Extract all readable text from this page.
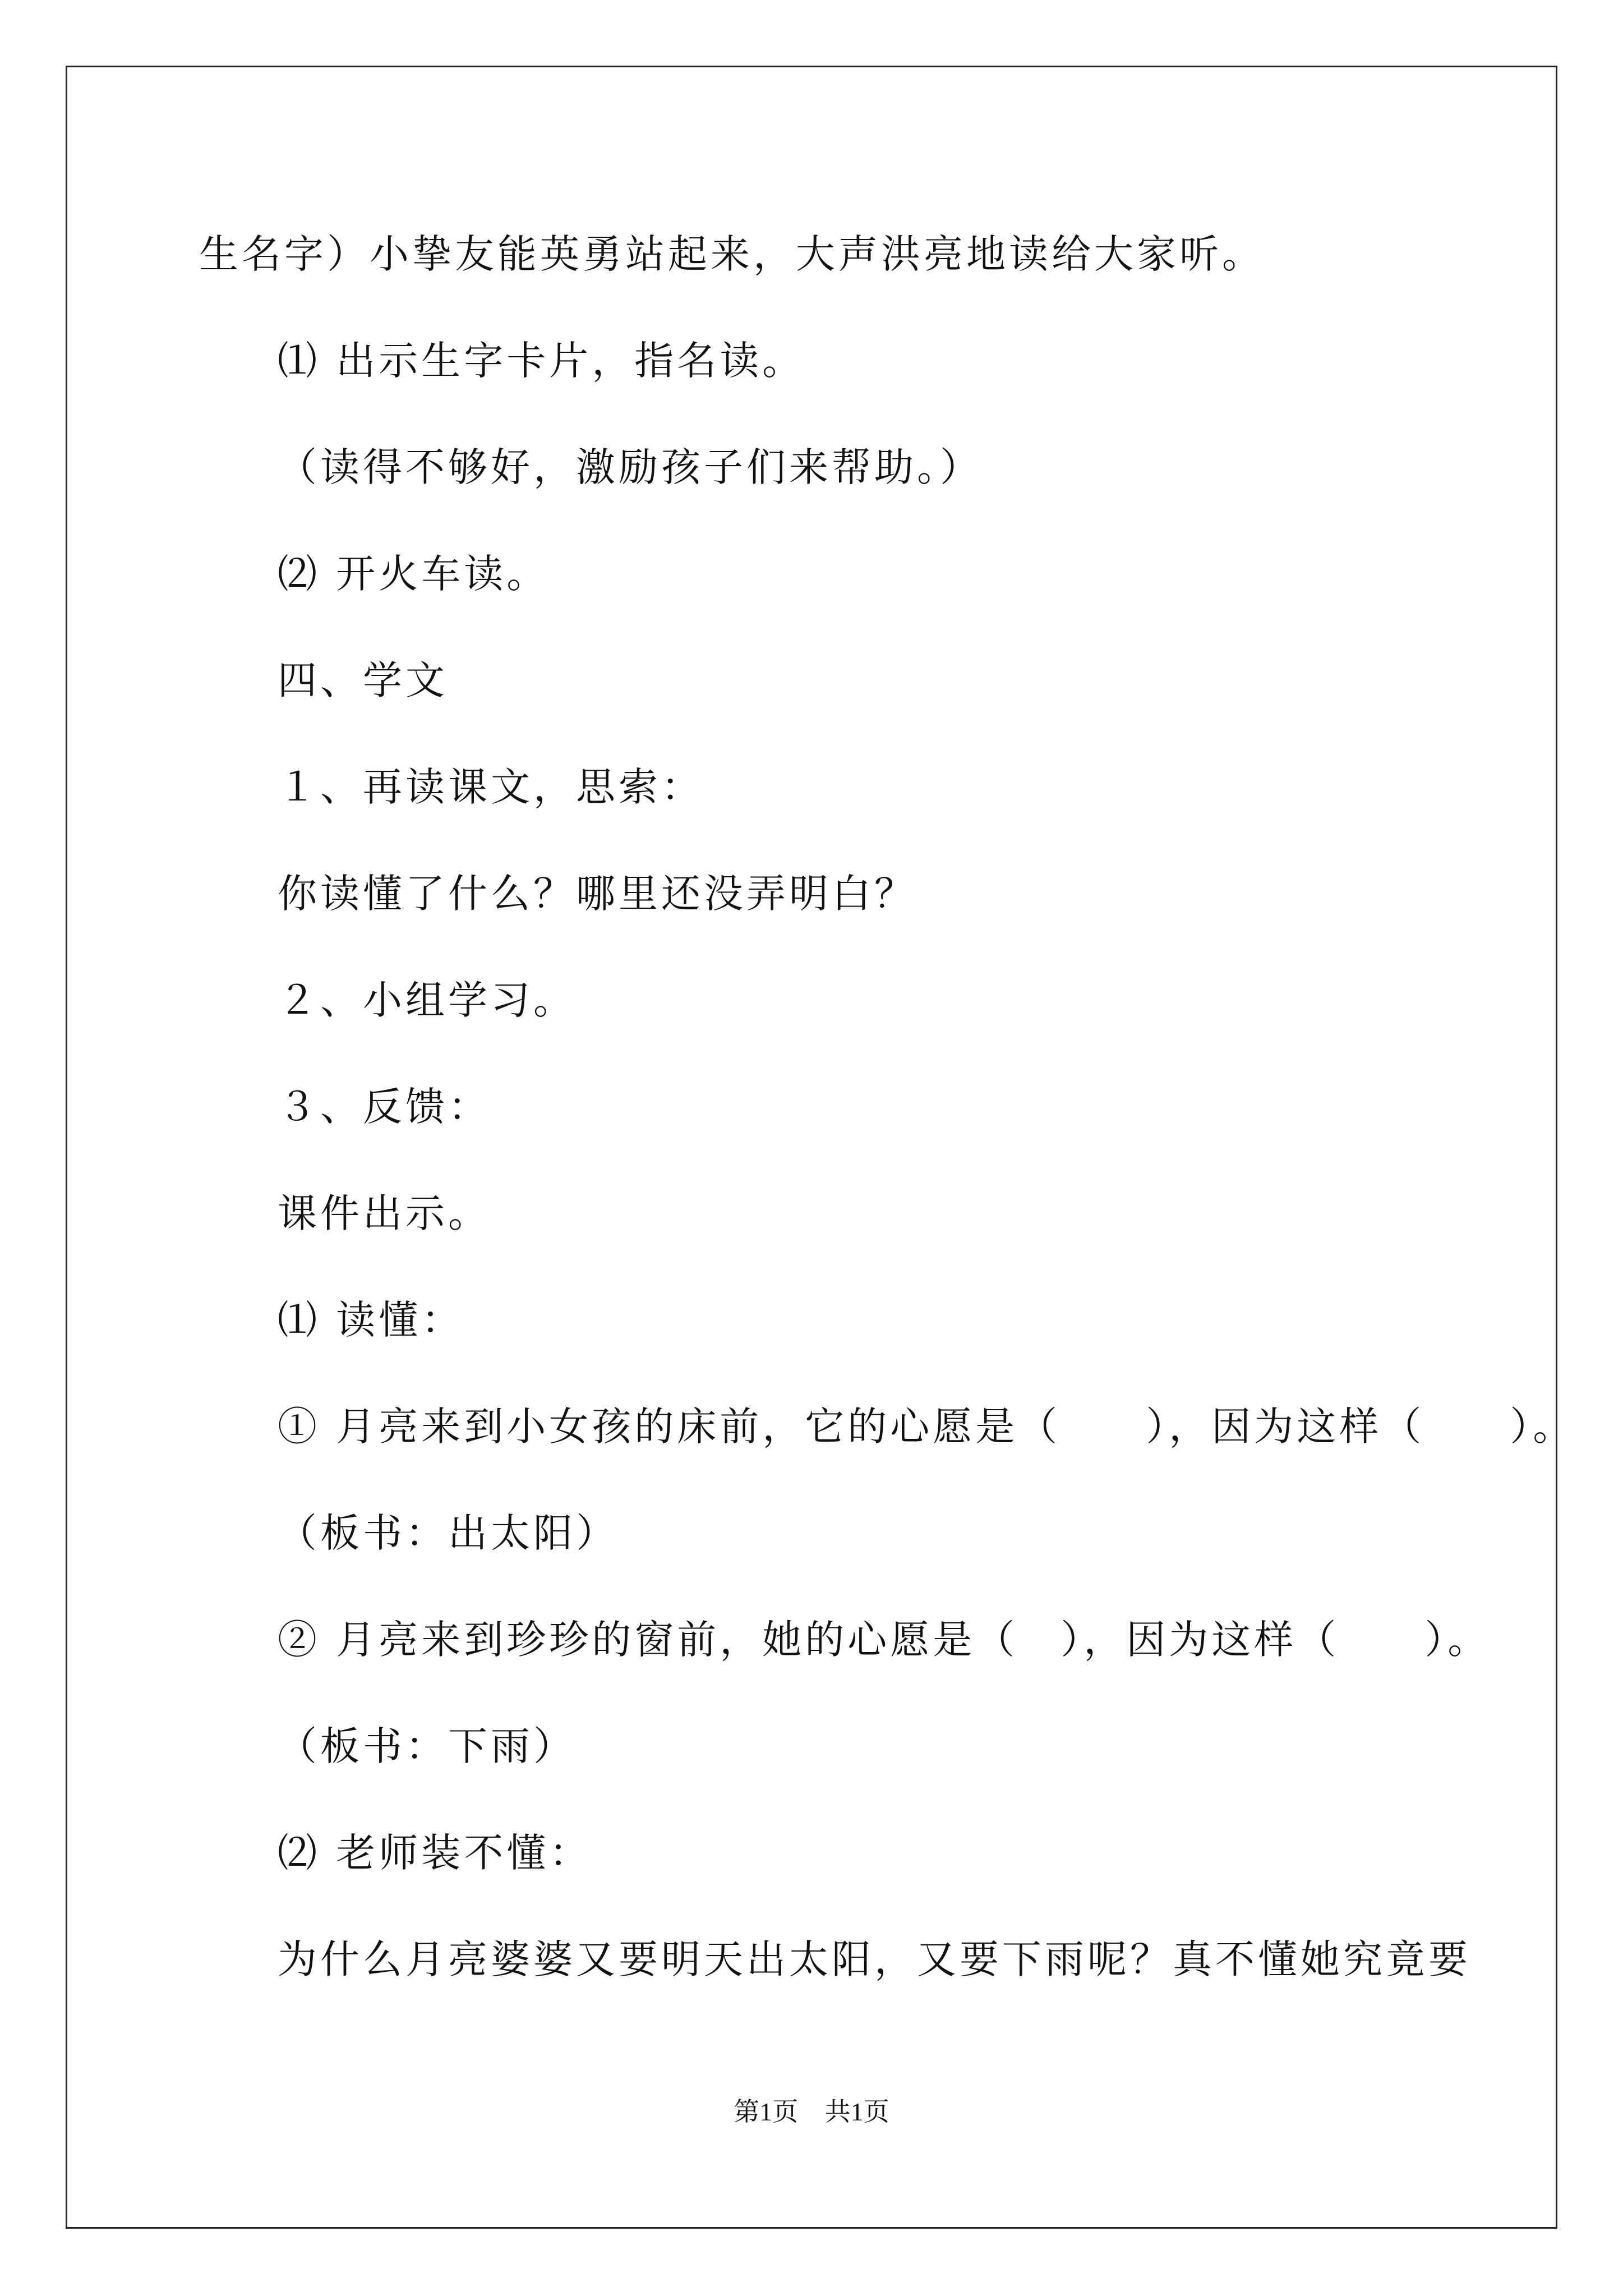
生名字）小挚友能英勇站起来，大声洪亮地读给大家听。
⑴ 出示生字卡片，指名读。
（读得不够好，激励孩子们来帮助。）
⑵ 开火车读。
四、学文
１、再读课文，思索：
你读懂了什么？哪里还没弄明白？
２、小组学习。
３、反馈：
课件出示。
⑴ 读懂：
① 月亮来到小女孩的床前，它的心愿是（　　），因为这样（　　）。
（板书：出太阳）
② 月亮来到珍珍的窗前，她的心愿是（　），因为这样（　　）。
（板书：下雨）
⑵ 老师装不懂：
为什么月亮婆婆又要明天出太阳，又要下雨呢？真不懂她究竟要
第1页 共1页
